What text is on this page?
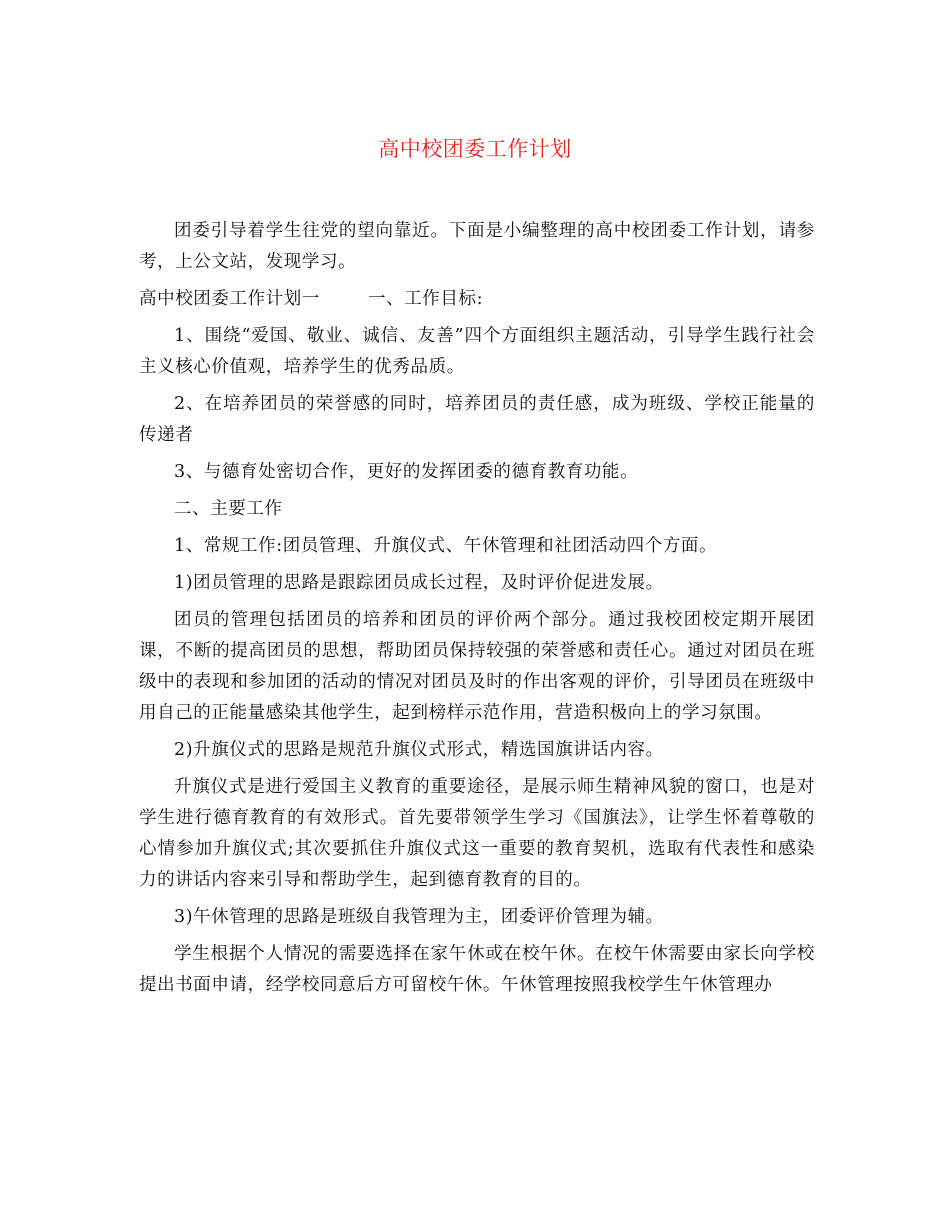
高中校团委工作计划

团委引导着学生往党的望向靠近。下面是小编整理的高中校团委工作计划，请参考，上公文站，发现学习。

高中校团委工作计划一	一、工作目标:

1、围绕“爱国、敬业、诚信、友善”四个方面组织主题活动，引导学生践行社会主义核心价值观，培养学生的优秀品质。

2、在培养团员的荣誉感的同时，培养团员的责任感，成为班级、学校正能量的传递者

3、与德育处密切合作，更好的发挥团委的德育教育功能。

二、主要工作

1、常规工作:团员管理、升旗仪式、午休管理和社团活动四个方面。

1)团员管理的思路是跟踪团员成长过程，及时评价促进发展。

团员的管理包括团员的培养和团员的评价两个部分。通过我校团校定期开展团课，不断的提高团员的思想，帮助团员保持较强的荣誉感和责任心。通过对团员在班级中的表现和参加团的活动的情况对团员及时的作出客观的评价，引导团员在班级中用自己的正能量感染其他学生，起到榜样示范作用，营造积极向上的学习氛围。

2)升旗仪式的思路是规范升旗仪式形式，精选国旗讲话内容。

升旗仪式是进行爱国主义教育的重要途径，是展示师生精神风貌的窗口，也是对学生进行德育教育的有效形式。首先要带领学生学习《国旗法》，让学生怀着尊敬的心情参加升旗仪式;其次要抓住升旗仪式这一重要的教育契机，选取有代表性和感染力的讲话内容来引导和帮助学生，起到德育教育的目的。

3)午休管理的思路是班级自我管理为主，团委评价管理为辅。

学生根据个人情况的需要选择在家午休或在校午休。在校午休需要由家长向学校提出书面申请，经学校同意后方可留校午休。午休管理按照我校学生午休管理办
